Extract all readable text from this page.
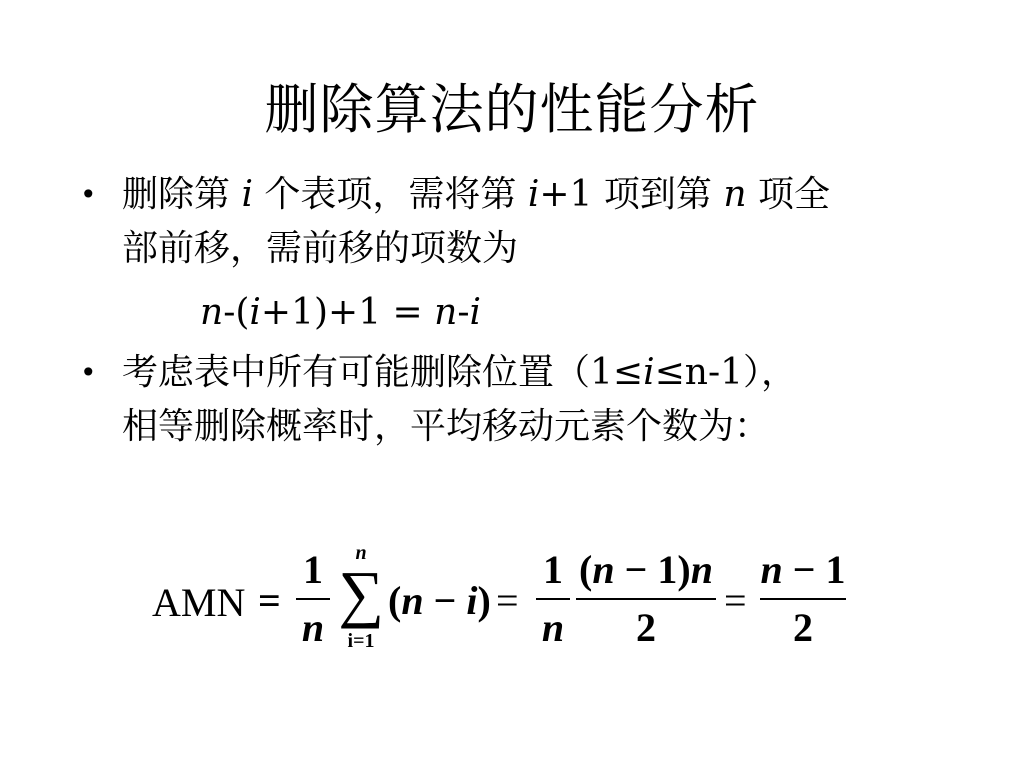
删除算法的性能分析
• 删除第 i 个表项，需将第 i+1 项到第 n 项全
部前移，需前移的项数为
n-(i+1)+1 = n-i
• 考虑表中所有可能删除位置（1≤i≤n-1），
相等删除概率时，平均移动元素个数为：
AMN =
1
n
n
∑
i=1
(n − i) =
1
n
(n − 1)n
2
=
n − 1
2
